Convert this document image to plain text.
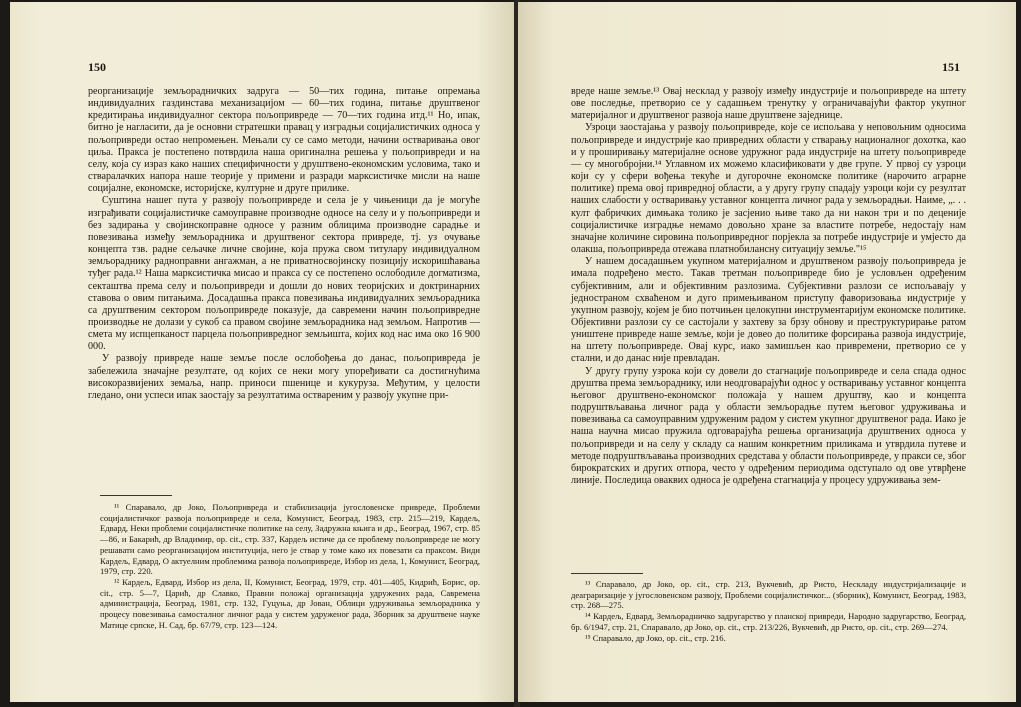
150

реорганизације земљорадничких задруга — 50—тих година, питање опремања индивидуалних газдинстава механизацијом — 60—тих година, питање друштвеног кредитирања индивидуалног сектора пољопривреде — 70—тих година итд.¹¹ Но, ипак, битно је нагласити, да је основни стратешки правац у изградњи социјалистичких односа у пољопривреди остао непромењен. Мењали су се само методи, начини остваривања овог циља. Пракса је постепено потврдила наша оригинална решења у пољопривреди и на селу, која су израз како наших специфичности у друштвено-економским условима, тако и стваралачких напора наше теорије у примени и разради марксистичке мисли на наше социјалне, економске, историјске, културне и друге прилике.

Суштина нашег пута у развоју пољопривреде и села је у чињеници да је могуће изграђивати социјалистичке самоуправне производне односе на селу и у пољопривреди и без задирања у својинскоправне односе у разним облицима производне сарадње и повезивања између земљорадника и друштвеног сектора привреде, тј. уз очување концепта тзв. радне сељачке личне својине, која пружа свом титулару индивидуалном земљораднику радноправни ангажман, а не приватносвојинску позицију искоришћавања туђег рада.¹² Наша марксистичка мисао и пракса су се постепено ослободиле догматизма, секташтва према селу и пољопривреди и дошли до нових теоријских и доктринарних ставова о овим питањима. Досадашња пракса повезивања индивидуалних земљорадника са друштвеним сектором пољопривреде показује, да савремени начин пољопривредне производње не долази у сукоб са правом својине земљорадника над земљом. Напротив — смета му испцепканост парцела пољопривредног земљишта, којих код нас има око 16 900 000.

У развоју привреде наше земље после ослобођења до данас, пољопривреда је забележила значајне резултате, од којих се неки могу упоређивати са достигнућима високоразвијених земаља, напр. приноси пшенице и кукуруза. Међутим, у целости гледано, они успеси ипак заостају за резултатима оствареним у развоју укупне при-

¹¹ Спаравало, др Јоко, Пољопривреда и стабилизација југословенске привреде, Проблеми социјалистичког развоја пољопривреде и села, Комунист, Београд, 1983, стр. 215—219, Кардељ, Едвард, Неки проблеми социјалистичке политике на селу, Задружна књига и др., Београд, 1967, стр. 85—86, и Бакарић, др Владимир, op. cit., стр. 337, Кардељ истиче да се проблему пољопривреде не могу решавати само реорганизацијом институција, него је ствар у томе како их повезати са праксом. Види Кардељ, Едвард, О актуелним проблемима развоја пољопривреде, Избор из дела, 1, Комунист, Београд, 1979, стр. 220.

¹² Кардељ, Едвард, Избор из дела, II, Комунист, Београд, 1979, стр. 401—405, Кидрић, Борис, op. cit., стр. 5—7, Царић, др Славко, Правни положај организација удружених рада, Савремена администрација, Београд, 1981, стр. 132, Гуцуња, др Јован, Облици удруживања земљорадника у процесу повезивања самосталног личног рада у систем удруженог рада, Зборник за друштвене науке Матице српске, Н. Сад, бр. 67/79, стр. 123—124.

151

вреде наше земље.¹³ Овај несклад у развоју између индустрије и пољопривреде на штету ове последње, претворио се у садашњем тренутку у ограничавајући фактор укупног материјалног и друштвеног развоја наше друштвене заједнице.

Узроци заостајања у развоју пољопривреде, које се испољава у неповољним односима пољопривреде и индустрије као привредних области у стварању националног дохотка, као и у проширивању материјалне основе удружног рада индустрије на штету пољопривреде — су многобројни.¹⁴ Углавном их можемо класификовати у две групе. У првој су узроци који су у сфери вођења текуће и дугорочне економске политике (нарочито аграрне политике) према овој привредној области, а у другу групу спадају узроци који су резултат наших слабости у остваривању уставног концепта личног рада у земљорадњи. Наиме, „. . . култ фабричких димњака толико је засјенио њиве тако да ни након три и по деценије социјалистичке изградње немамо довољно хране за властите потребе, недостају нам значајне количине сировина пољопривредног порјекла за потребе индустрије и умјесто да олакша, пољопривреда отежава платнобилансну ситуацију земље."¹⁵

У нашем досадашњем укупном материјалном и друштвеном развоју пољопривреда је имала подређено место. Такав третман пољопривреде био је условљен одређеним субјективним, али и објективним разлозима. Субјективни разлози се испољавају у једностраном схваћеном и дуго примењиваном приступу фаворизовања индустрије у укупном развоју, којем је био потчињен целокупни инструментаријум економске политике. Објективни разлози су се састојали у захтеву за брзу обнову и преструктурирање ратом уништене привреде наше земље, који је довео до политике форсирања развоја индустрије, на штету пољопривреде. Овај курс, иако замишљен као привремени, претворио се у стални, и до данас није превладан.

У другу групу узрока који су довели до стагнације пољопривреде и села спада однос друштва према земљораднику, или неодговарајући однос у остваривању уставног концепта његовог друштвено-економског положаја у нашем друштву, као и концепта подруштвљавања личног рада у области земљорадње путем његовог удруживања и повезивања са самоуправним удруженим радом у систем укупног друштвеног рада. Иако је наша научна мисао пружила одговарајућа решења организација друштвених односа у пољопривреди и на селу у складу са нашим конкретним приликама и утврдила путеве и методе подруштвљавања производних средстава у области пољопривреде, у пракси се, због бирократских и других отпора, често у одређеним периодима одступало од ове утврђене линије. Последица оваквих односа је одређена стагнација у процесу удруживања зем-

¹³ Спаравало, др Јоко, op. cit., стр. 213, Вукчевић, др Ристо, Нескладу индустријализације и деаграризације у југословенском развоју, Проблеми социјалистичког... (зборник), Комунист, Београд, 1983, стр. 268—275.

¹⁴ Кардељ, Едвард, Земљорадничко задругарство у планској привреди, Народно задругарство, Београд, бр. 6/1947, стр. 21, Спаравало, др Јоко, op. cit., стр. 213/226, Вукчевић, др Ристо, op. cit., стр. 269—274.

¹⁵ Спаравало, др Јоко, op. cit., стр. 216.
